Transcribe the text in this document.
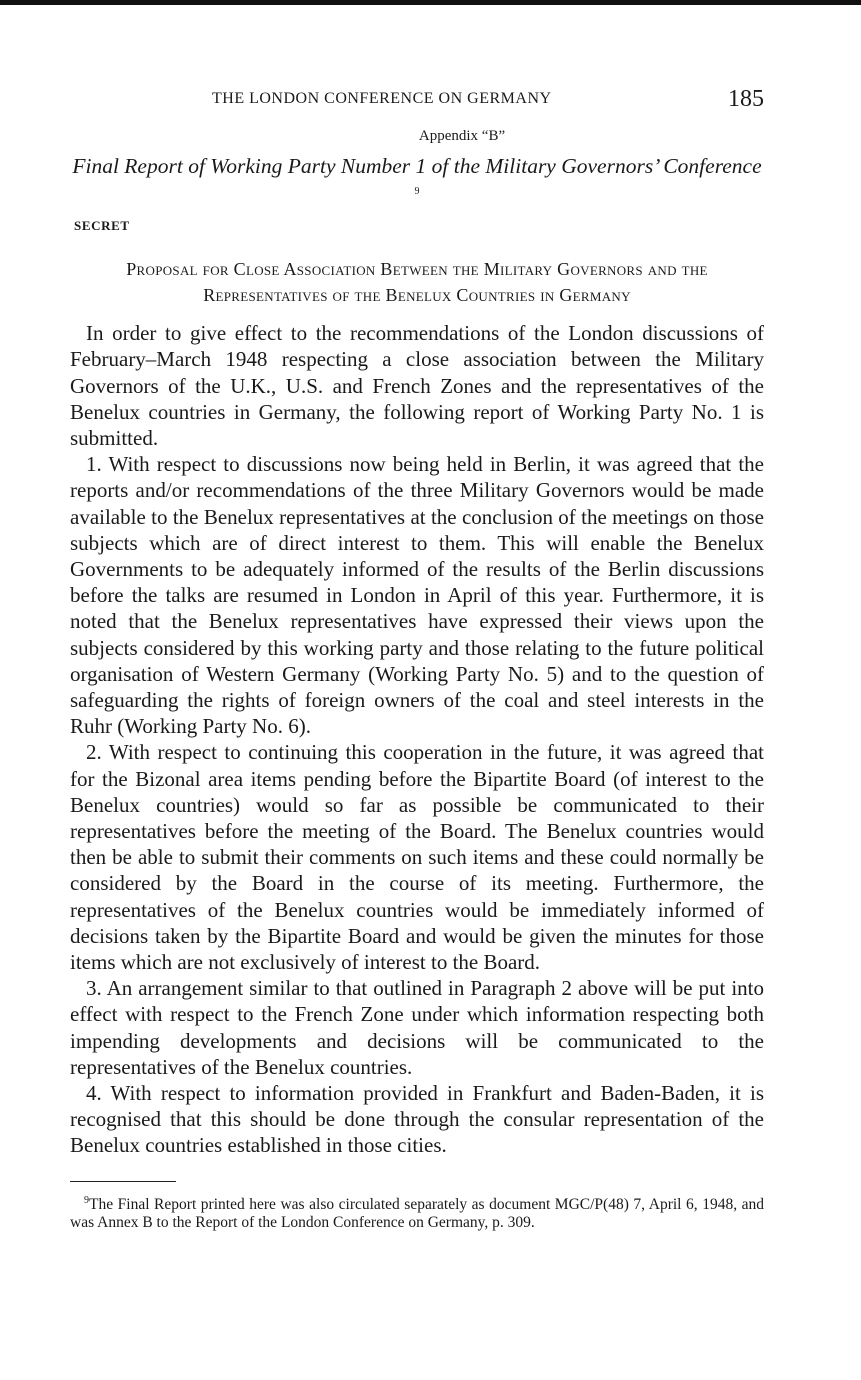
THE LONDON CONFERENCE ON GERMANY	185
Appendix “B”
Final Report of Working Party Number 1 of the Military Governors’ Conference $^9$
SECRET
Proposal for Close Association Between the Military Governors and the Representatives of the Benelux Countries in Germany

In order to give effect to the recommendations of the London discussions of February–March 1948 respecting a close association between the Military Governors of the U.K., U.S. and French Zones and the representatives of the Benelux countries in Germany, the following report of Working Party No. 1 is submitted.

1. With respect to discussions now being held in Berlin, it was agreed that the reports and/or recommendations of the three Military Governors would be made available to the Benelux representatives at the conclusion of the meetings on those subjects which are of direct interest to them. This will enable the Benelux Governments to be adequately informed of the results of the Berlin discussions before the talks are resumed in London in April of this year. Furthermore, it is noted that the Benelux representatives have expressed their views upon the subjects considered by this working party and those relating to the future political organisation of Western Germany (Working Party No. 5) and to the question of safeguarding the rights of foreign owners of the coal and steel interests in the Ruhr (Working Party No. 6).

2. With respect to continuing this cooperation in the future, it was agreed that for the Bizonal area items pending before the Bipartite Board (of interest to the Benelux countries) would so far as possible be communicated to their representatives before the meeting of the Board. The Benelux countries would then be able to submit their comments on such items and these could normally be considered by the Board in the course of its meeting. Furthermore, the representatives of the Benelux countries would be immediately informed of decisions taken by the Bipartite Board and would be given the minutes for those items which are not exclusively of interest to the Board.

3. An arrangement similar to that outlined in Paragraph 2 above will be put into effect with respect to the French Zone under which information respecting both impending developments and decisions will be communicated to the representatives of the Benelux countries.

4. With respect to information provided in Frankfurt and Baden-Baden, it is recognised that this should be done through the consular representation of the Benelux countries established in those cities.

$^9$The Final Report printed here was also circulated separately as document MGC/P(48) 7, April 6, 1948, and was Annex B to the Report of the London Conference on Germany, p. 309.
